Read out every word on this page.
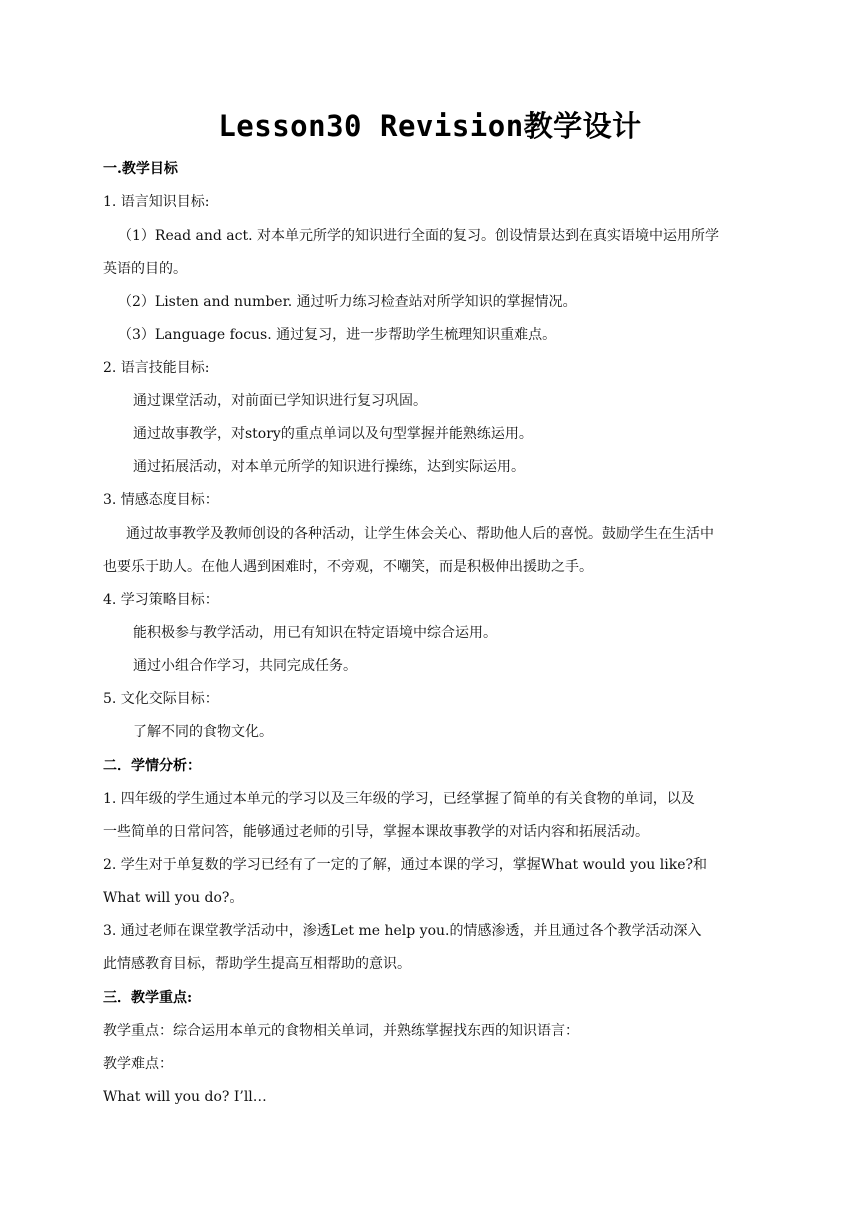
Lesson30 Revision教学设计
一.教学目标
1. 语言知识目标:
（1）Read and act. 对本单元所学的知识进行全面的复习。创设情景达到在真实语境中运用所学
英语的目的。
（2）Listen and number. 通过听力练习检查站对所学知识的掌握情况。
（3）Language focus. 通过复习，进一步帮助学生梳理知识重难点。
2. 语言技能目标:
通过课堂活动，对前面已学知识进行复习巩固。
通过故事教学，对story的重点单词以及句型掌握并能熟练运用。
通过拓展活动，对本单元所学的知识进行操练，达到实际运用。
3. 情感态度目标：
通过故事教学及教师创设的各种活动，让学生体会关心、帮助他人后的喜悦。鼓励学生在生活中
也要乐于助人。在他人遇到困难时，不旁观，不嘲笑，而是积极伸出援助之手。
4. 学习策略目标：
能积极参与教学活动，用已有知识在特定语境中综合运用。
通过小组合作学习，共同完成任务。
5. 文化交际目标：
了解不同的食物文化。
二．学情分析：
1. 四年级的学生通过本单元的学习以及三年级的学习，已经掌握了简单的有关食物的单词，以及
一些简单的日常问答，能够通过老师的引导，掌握本课故事教学的对话内容和拓展活动。
2. 学生对于单复数的学习已经有了一定的了解，通过本课的学习，掌握What would you like?和
What will you do?。
3. 通过老师在课堂教学活动中，渗透Let me help you.的情感渗透，并且通过各个教学活动深入
此情感教育目标，帮助学生提高互相帮助的意识。
三．教学重点:
教学重点：综合运用本单元的食物相关单词，并熟练掌握找东西的知识语言：
教学难点：
What will you do? I’ll…
